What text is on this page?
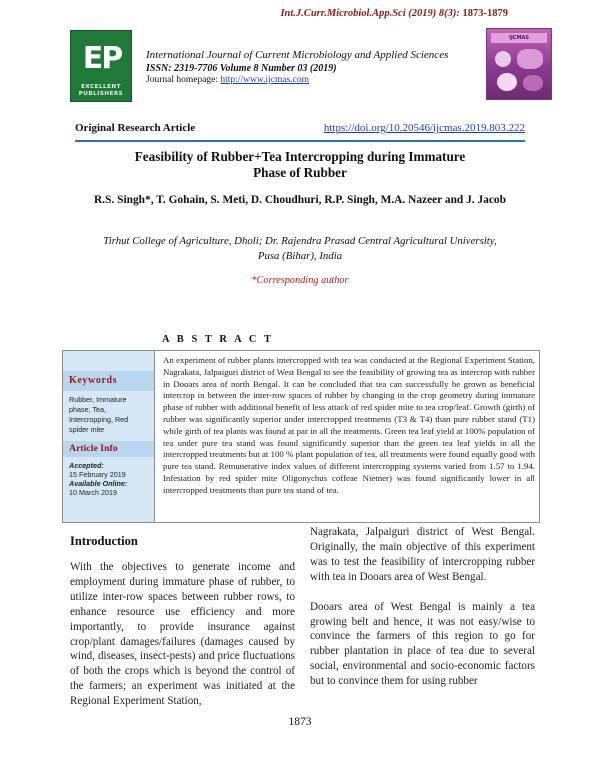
Int.J.Curr.Microbiol.App.Sci (2019) 8(3): 1873-1879
EP
EXCELLENT PUBLISHERS
International Journal of Current Microbiology and Applied Sciences
ISSN: 2319-7706 Volume 8 Number 03 (2019)
Journal homepage: http://www.ijcmas.com
IJCMAS
Original Research Article	https://doi.org/10.20546/ijcmas.2019.803.222
Feasibility of Rubber+Tea Intercropping during Immature
Phase of Rubber
R.S. Singh*, T. Gohain, S. Meti, D. Choudhuri, R.P. Singh, M.A. Nazeer and J. Jacob
Tirhut College of Agriculture, Dholi; Dr. Rajendra Prasad Central Agricultural University,
Pusa (Bihar), India
*Corresponding author
A B S T R A C T
Keywords
Rubber, Immature phase, Tea, Intercropping, Red spider mite
Article Info
Accepted:
15 February 2019
Available Online:
10 March 2019
An experiment of rubber plants intercropped with tea was conducted at the Regional Experiment Station, Nagrakata, Jalpaiguri district of West Bengal to see the feasibility of growing tea as intercrop with rubber in Dooars area of north Bengal. It can be concluded that tea can successfully be grown as beneficial intercrop in between the inter-row spaces of rubber by changing in the crop geometry during immature phase of rubber with additional benefit of less attack of red spider mite to tea crop/leaf. Growth (girth) of rubber was significantly superior under intercropped treatments (T3 & T4) than pure rubber stand (T1) while girth of tea plants was found at par in all the treatments. Green tea leaf yield at 100% population of tea under pure tea stand was found significantly superior than the green tea leaf yields in all the intercropped treatments but at 100 % plant population of tea, all treatments were found equally good with pure tea stand. Remunerative index values of different intercropping systems varied from 1.57 to 1.94. Infestation by red spider mite Oligonychus coffeae Nietner) was found significantly lower in all intercropped treatments than pure tea stand of tea.
Introduction

With the objectives to generate income and employment during immature phase of rubber, to utilize inter-row spaces between rubber rows, to enhance resource use efficiency and more importantly, to provide insurance against crop/plant damages/failures (damages caused by wind, diseases, insect-pests) and price fluctuations of both the crops which is beyond the control of the farmers; an experiment was initiated at the Regional Experiment Station,

Nagrakata, Jalpaiguri district of West Bengal. Originally, the main objective of this experiment was to test the feasibility of intercropping rubber with tea in Dooars area of West Bengal.

Dooars area of West Bengal is mainly a tea growing belt and hence, it was not easy/wise to convince the farmers of this region to go for rubber plantation in place of tea due to several social, environmental and socio-economic factors but to convince them for using rubber

1873
